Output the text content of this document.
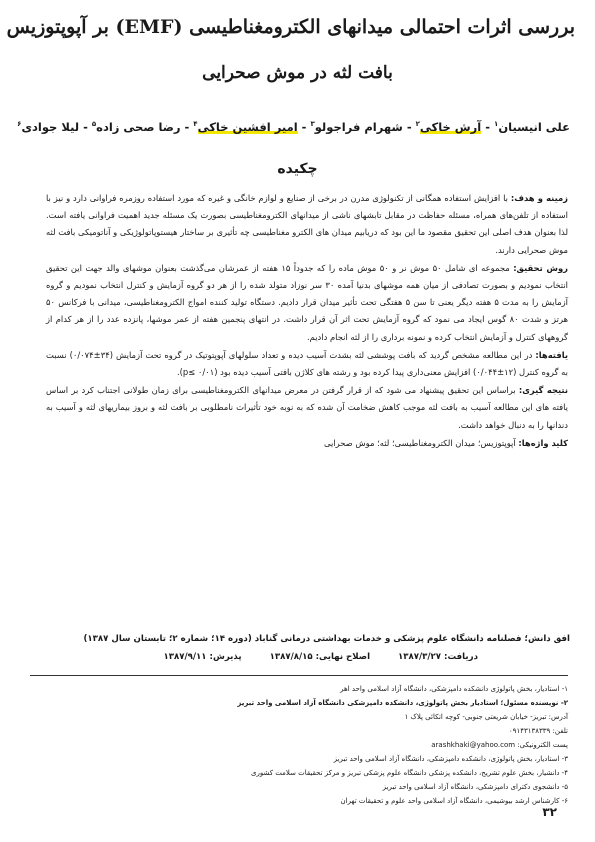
بررسی اثرات احتمالی میدانهای الکترومغناطیسی (EMF) بر آپوپتوزیس
بافت لثه در موش صحرایی
علی انیسیان$^۱$ - آرش خاکی$^۲$ - شهرام فراجولو$^۳$ - امیر افشین خاکی$^۴$ - رضا صحی زاده$^۵$ - لیلا جوادی$^۶$
چکیده

زمینه و هدف: با افزایش استفاده همگانی از تکنولوژی مدرن در برخی از صنایع و لوازم خانگی و غیره که مورد استفاده روزمره فراوانی دارد و نیز با استفاده از تلفن‌های همراه، مسئله حفاظت در مقابل تابشهای ناشی از میدانهای الکترومغناطیسی بصورت یک مسئله جدید اهمیت فراوانی یافته است. لذا بعنوان هدف اصلی این تحقیق مقصود ما این بود که دریابیم میدان های الکترو مغناطیسی چه تأثیری بر ساختار هیستوپاتولوژیکی و آناتومیکی بافت لثه موش صحرایی دارند.

روش تحقیق: مجموعه ای شامل ۵۰ موش نر و ۵۰ موش ماده را که جدوداً ۱۵ هفته از عمرشان می‌گذشت بعنوان موشهای والد جهت این تحقیق انتخاب نمودیم و بصورت تصادفی از میان همه موشهای بدنیا آمده ۳۰ سر نوزاد متولد شده را از هر دو گروه آزمایش و کنترل انتخاب نمودیم و گروه آزمایش را به مدت ۵ هفته دیگر یعنی تا سن ۵ هفتگی تحت تأثیر میدان قرار دادیم. دستگاه تولید کننده امواج الکترومغناطیسی، میدانی با فرکانس ۵۰ هرتز و شدت ۸۰ گوس ایجاد می نمود که گروه آزمایش تحت اثر آن قرار داشت. در انتهای پنجمین هفته از عمر موشها، پانزده عدد را از هر کدام از گروههای کنترل و آزمایش انتخاب کرده و نمونه برداری را از لثه انجام دادیم.

یافته‌ها: در این مطالعه مشخص گردید که بافت پوششی لثه بشدت آسیب دیده و تعداد سلولهای آپوپتوتیک در گروه تحت آزمایش (۳۴±۰/۰۷۴) نسبت به گروه کنترل (۱۲±۰/۰۴۴) افزایش معنی‌داری پیدا کرده بود و رشته های کلاژن بافتی آسیب دیده بود (p≤ ۰/۰۱).

نتیجه گیری: براساس این تحقیق پیشنهاد می شود که از قرار گرفتن در معرض میدانهای الکترومغناطیسی برای زمان طولانی اجتناب کرد بر اساس یافته های این مطالعه آسیب به بافت لثه موجب کاهش ضخامت آن شده که به نوبه خود تأثیرات نامطلوبی بر بافت لثه و بروز بیماریهای لثه و آسیب به دندانها را به دنبال خواهد داشت.

کلید واژه‌ها: آپوپتوزیس؛ میدان الکترومغناطیسی؛ لثه؛ موش صحرایی

افق دانش؛ فصلنامه دانشگاه علوم پزشکی و خدمات بهداشتی درمانی گناباد (دوره ۱۴؛ شماره ۲؛ تابستان سال ۱۳۸۷)
دریافت: ۱۳۸۷/۳/۲۷
اصلاح نهایی: ۱۳۸۷/۸/۱۵
پذیرش: ۱۳۸۷/۹/۱۱

۱- استادیار، بخش پاتولوژی دانشکده دامپزشکی، دانشگاه آزاد اسلامی واحد اهر

۲- نویسنده مسئول؛ استادیار بخش پاتولوژی، دانشکده دامپزشکی دانشگاه آزاد اسلامی واحد تبریز

آدرس: تبریز- خیابان شریعتی جنوبی- کوچه اتکائی پلاک ۱

تلفن: ۰۹۱۴۳۱۳۸۳۳۹

پست الکترونیکی: arashkhaki@yahoo.com

۳- استادیار، بخش پاتولوژی، دانشکده دامپزشکی، دانشگاه آزاد اسلامی واحد تبریز

۴- دانشیار، بخش علوم تشریح، دانشکده پزشکی دانشگاه علوم پزشکی تبریز و مرکز تحقیقات سلامت کشوری

۵- دانشجوی دکترای دامپزشکی، دانشگاه آزاد اسلامی واحد تبریز

۶- کارشناس ارشد بیوشیمی، دانشگاه آزاد اسلامی واحد علوم و تحقیقات تهران

۳۲
